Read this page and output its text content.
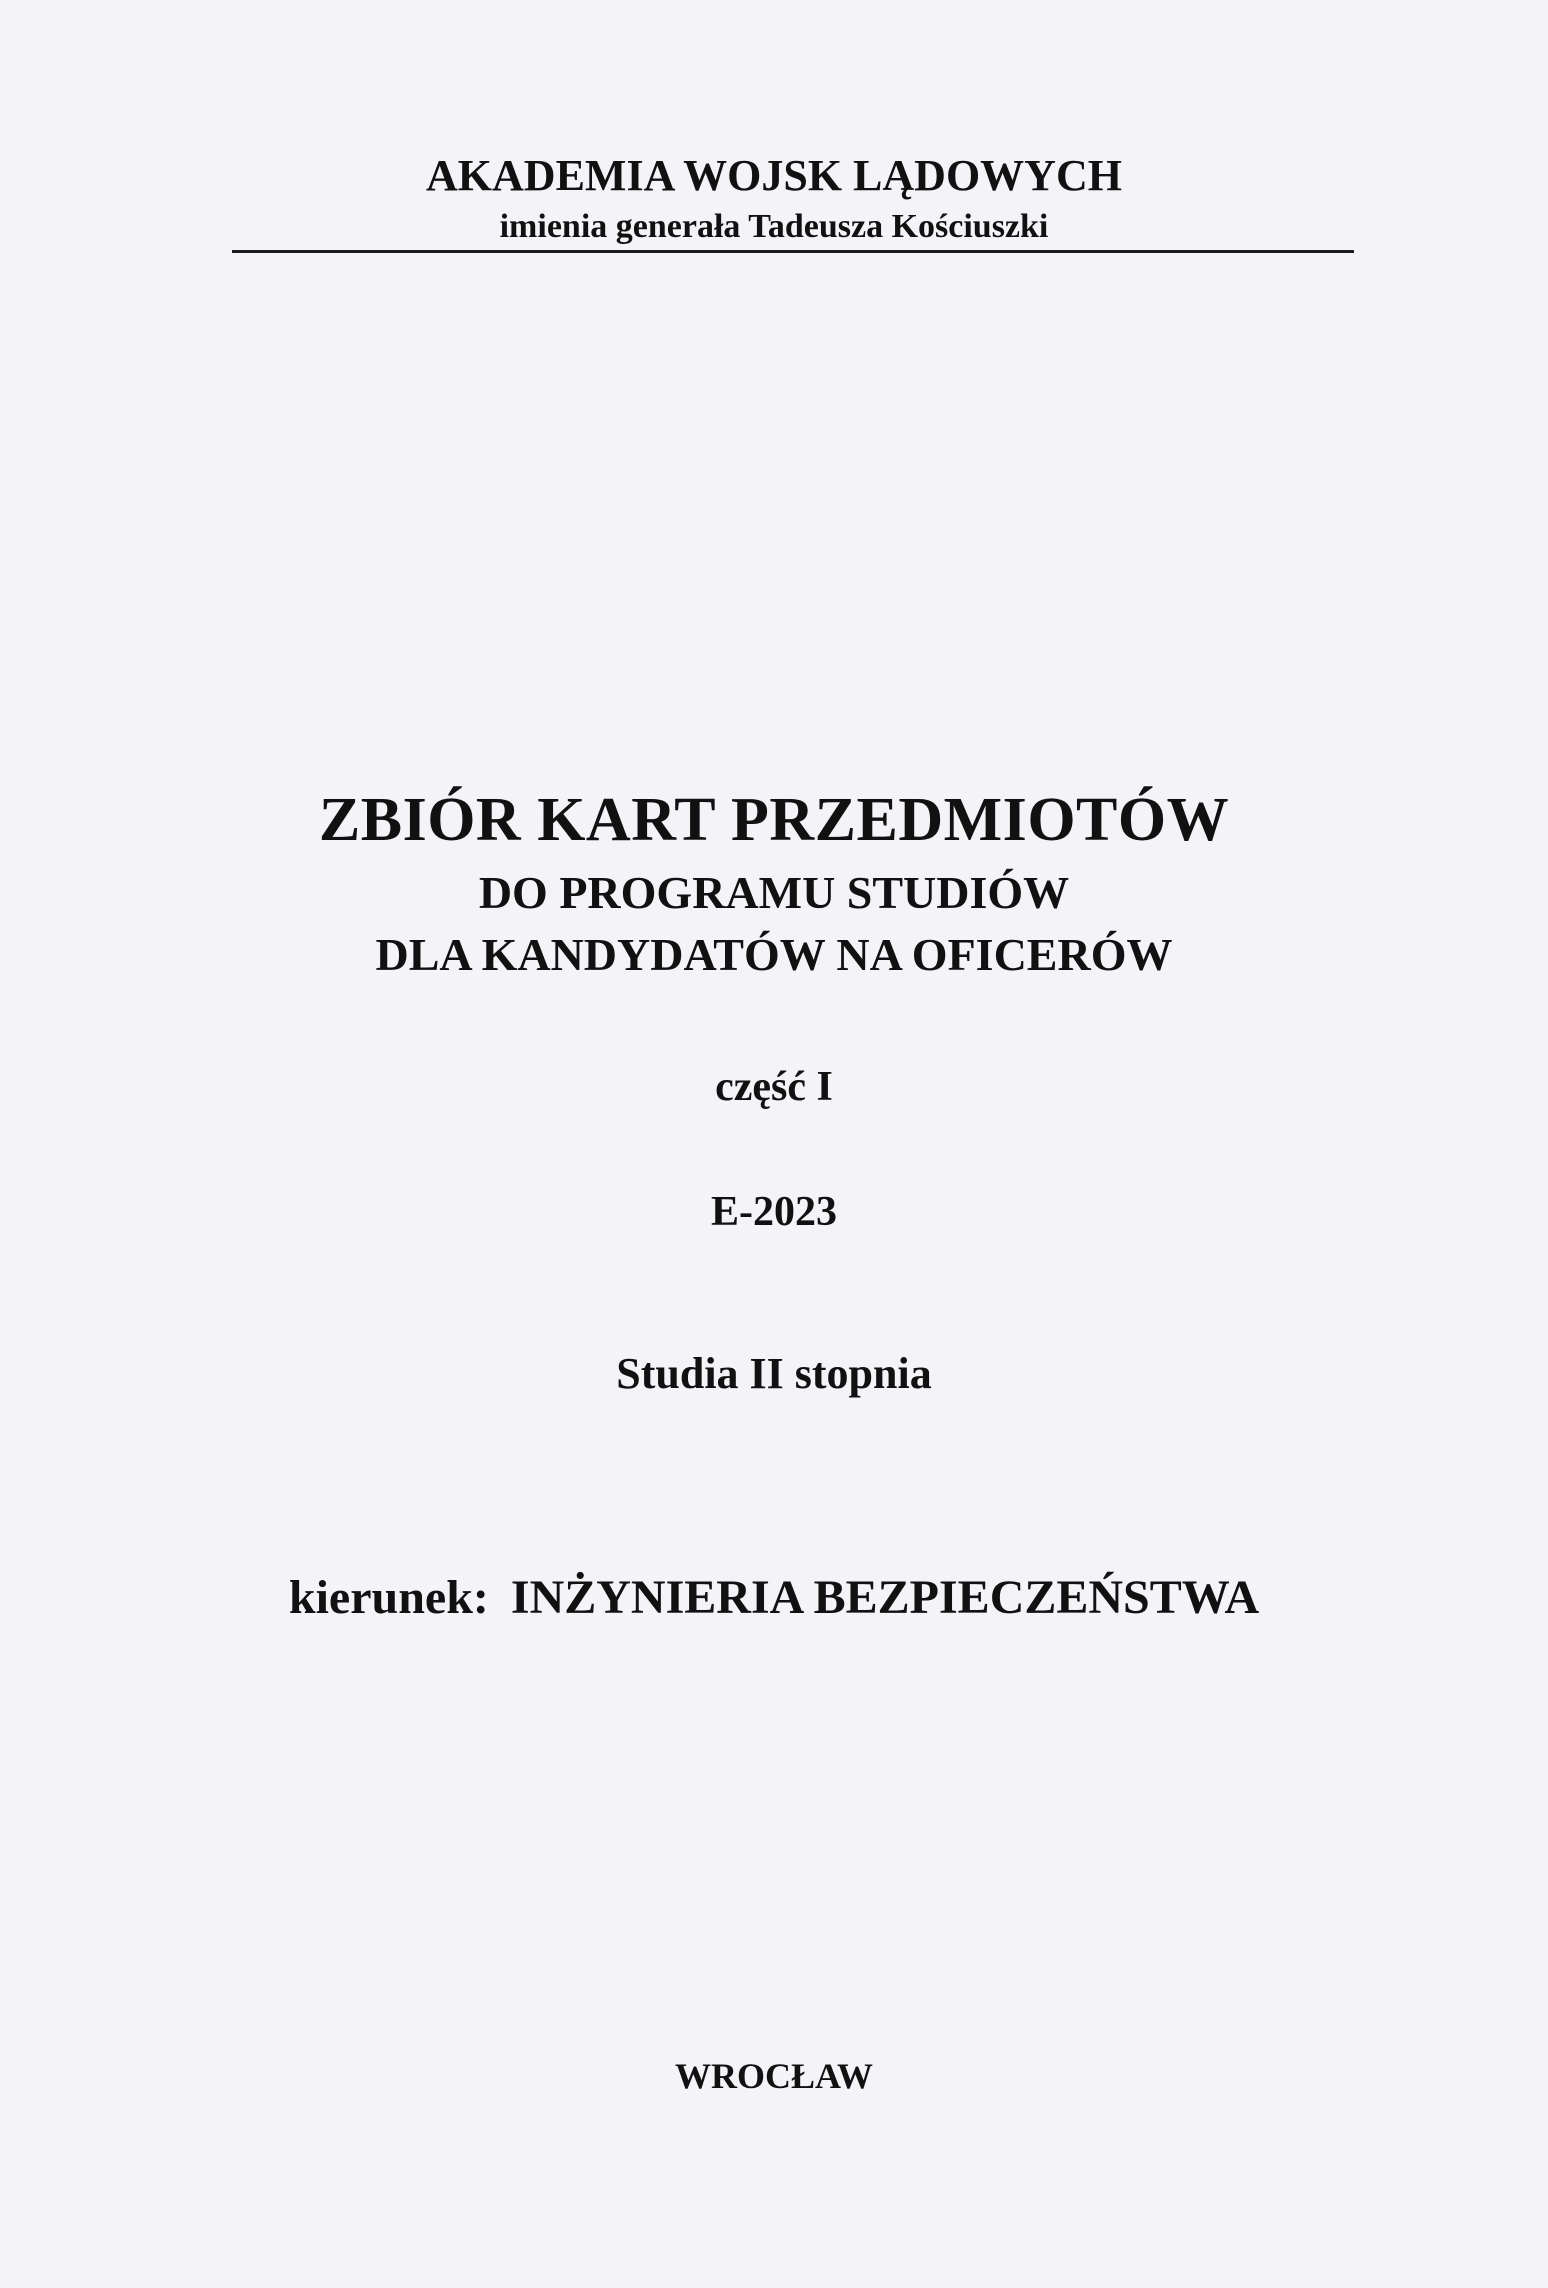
AKADEMIA WOJSK LĄDOWYCH
imienia generała Tadeusza Kościuszki
ZBIÓR KART PRZEDMIOTÓW
DO PROGRAMU STUDIÓW
DLA KANDYDATÓW NA OFICERÓW
część I
E-2023
Studia II stopnia
kierunek: INŻYNIERIA BEZPIECZEŃSTWA
WROCŁAW
